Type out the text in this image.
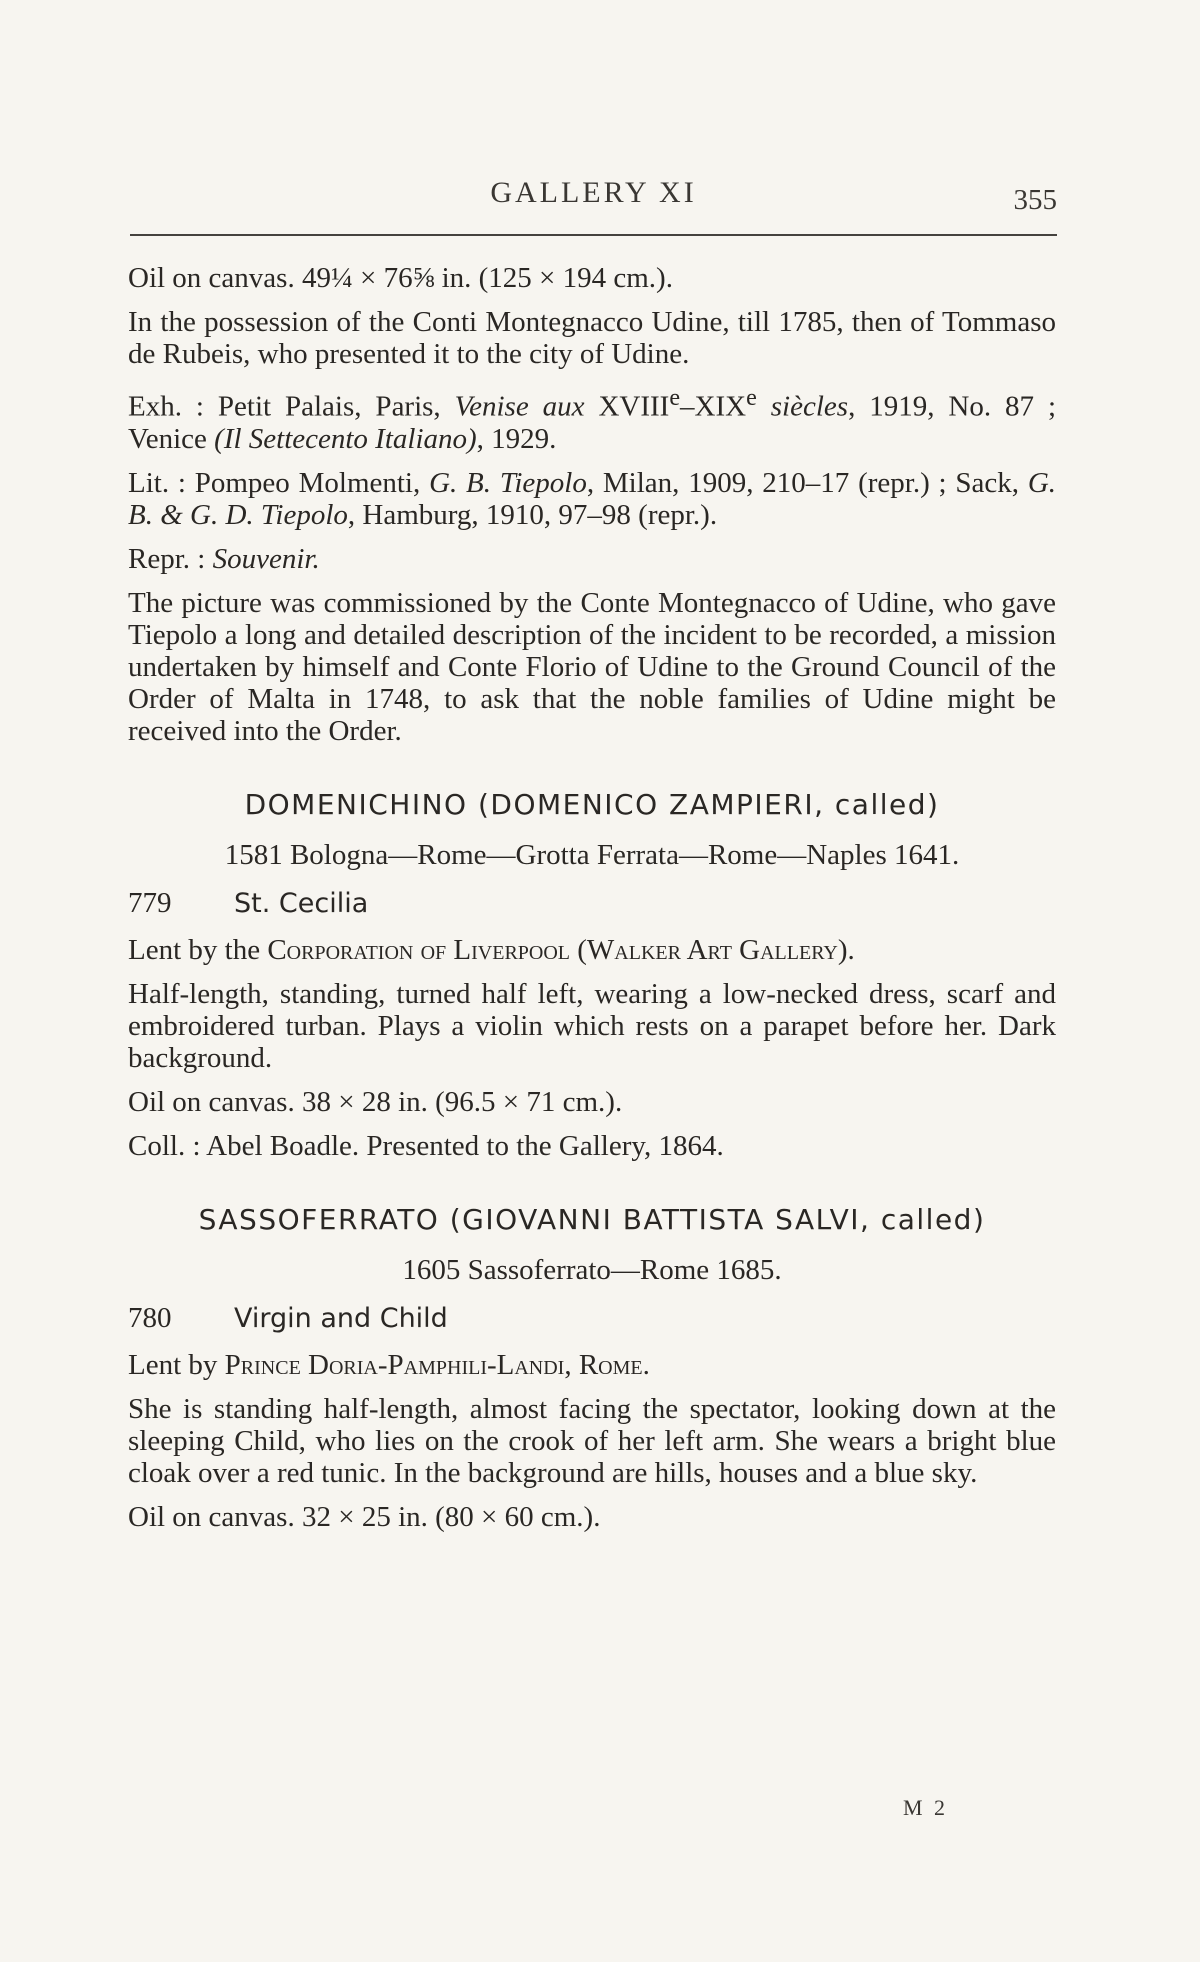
GALLERY XI	355

Oil on canvas. 49¼ × 76⅝ in. (125 × 194 cm.).

In the possession of the Conti Montegnacco Udine, till 1785, then of Tommaso de Rubeis, who presented it to the city of Udine.

Exh. : Petit Palais, Paris, Venise aux XVIIIe–XIXe siècles, 1919, No. 87 ; Venice (Il Settecento Italiano), 1929.

Lit. : Pompeo Molmenti, G. B. Tiepolo, Milan, 1909, 210–17 (repr.) ; Sack, G. B. & G. D. Tiepolo, Hamburg, 1910, 97–98 (repr.).

Repr. : Souvenir.

The picture was commissioned by the Conte Montegnacco of Udine, who gave Tiepolo a long and detailed description of the incident to be recorded, a mission undertaken by himself and Conte Florio of Udine to the Ground Council of the Order of Malta in 1748, to ask that the noble families of Udine might be received into the Order.

DOMENICHINO (DOMENICO ZAMPIERI, called)

1581 Bologna—Rome—Grotta Ferrata—Rome—Naples 1641.

779	St. Cecilia

Lent by the Corporation of Liverpool (Walker Art Gallery).

Half-length, standing, turned half left, wearing a low-necked dress, scarf and embroidered turban. Plays a violin which rests on a parapet before her. Dark background.

Oil on canvas. 38 × 28 in. (96.5 × 71 cm.).

Coll. : Abel Boadle. Presented to the Gallery, 1864.

SASSOFERRATO (GIOVANNI BATTISTA SALVI, called)

1605 Sassoferrato—Rome 1685.

780	Virgin and Child

Lent by Prince Doria-Pamphili-Landi, Rome.

She is standing half-length, almost facing the spectator, looking down at the sleeping Child, who lies on the crook of her left arm. She wears a bright blue cloak over a red tunic. In the background are hills, houses and a blue sky.

Oil on canvas. 32 × 25 in. (80 × 60 cm.).

M 2
